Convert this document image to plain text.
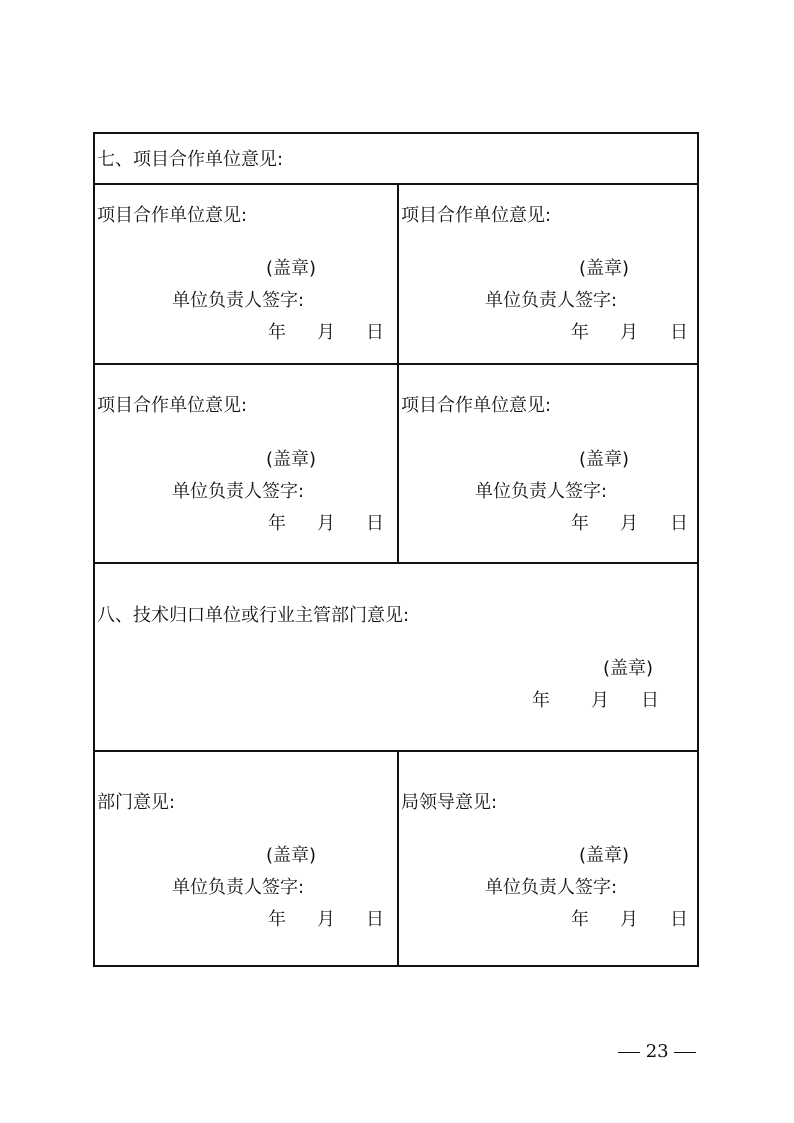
七、项目合作单位意见:
项目合作单位意见:
(盖章)
单位负责人签字:
年 月 日
项目合作单位意见:
(盖章)
单位负责人签字:
年 月 日
项目合作单位意见:
(盖章)
单位负责人签字:
年 月 日
项目合作单位意见:
(盖章)
单位负责人签字:
年 月 日
八、技术归口单位或行业主管部门意见:
(盖章)
年 月 日
部门意见:
(盖章)
单位负责人签字:
年 月 日
局领导意见:
(盖章)
单位负责人签字:
年 月 日
23
